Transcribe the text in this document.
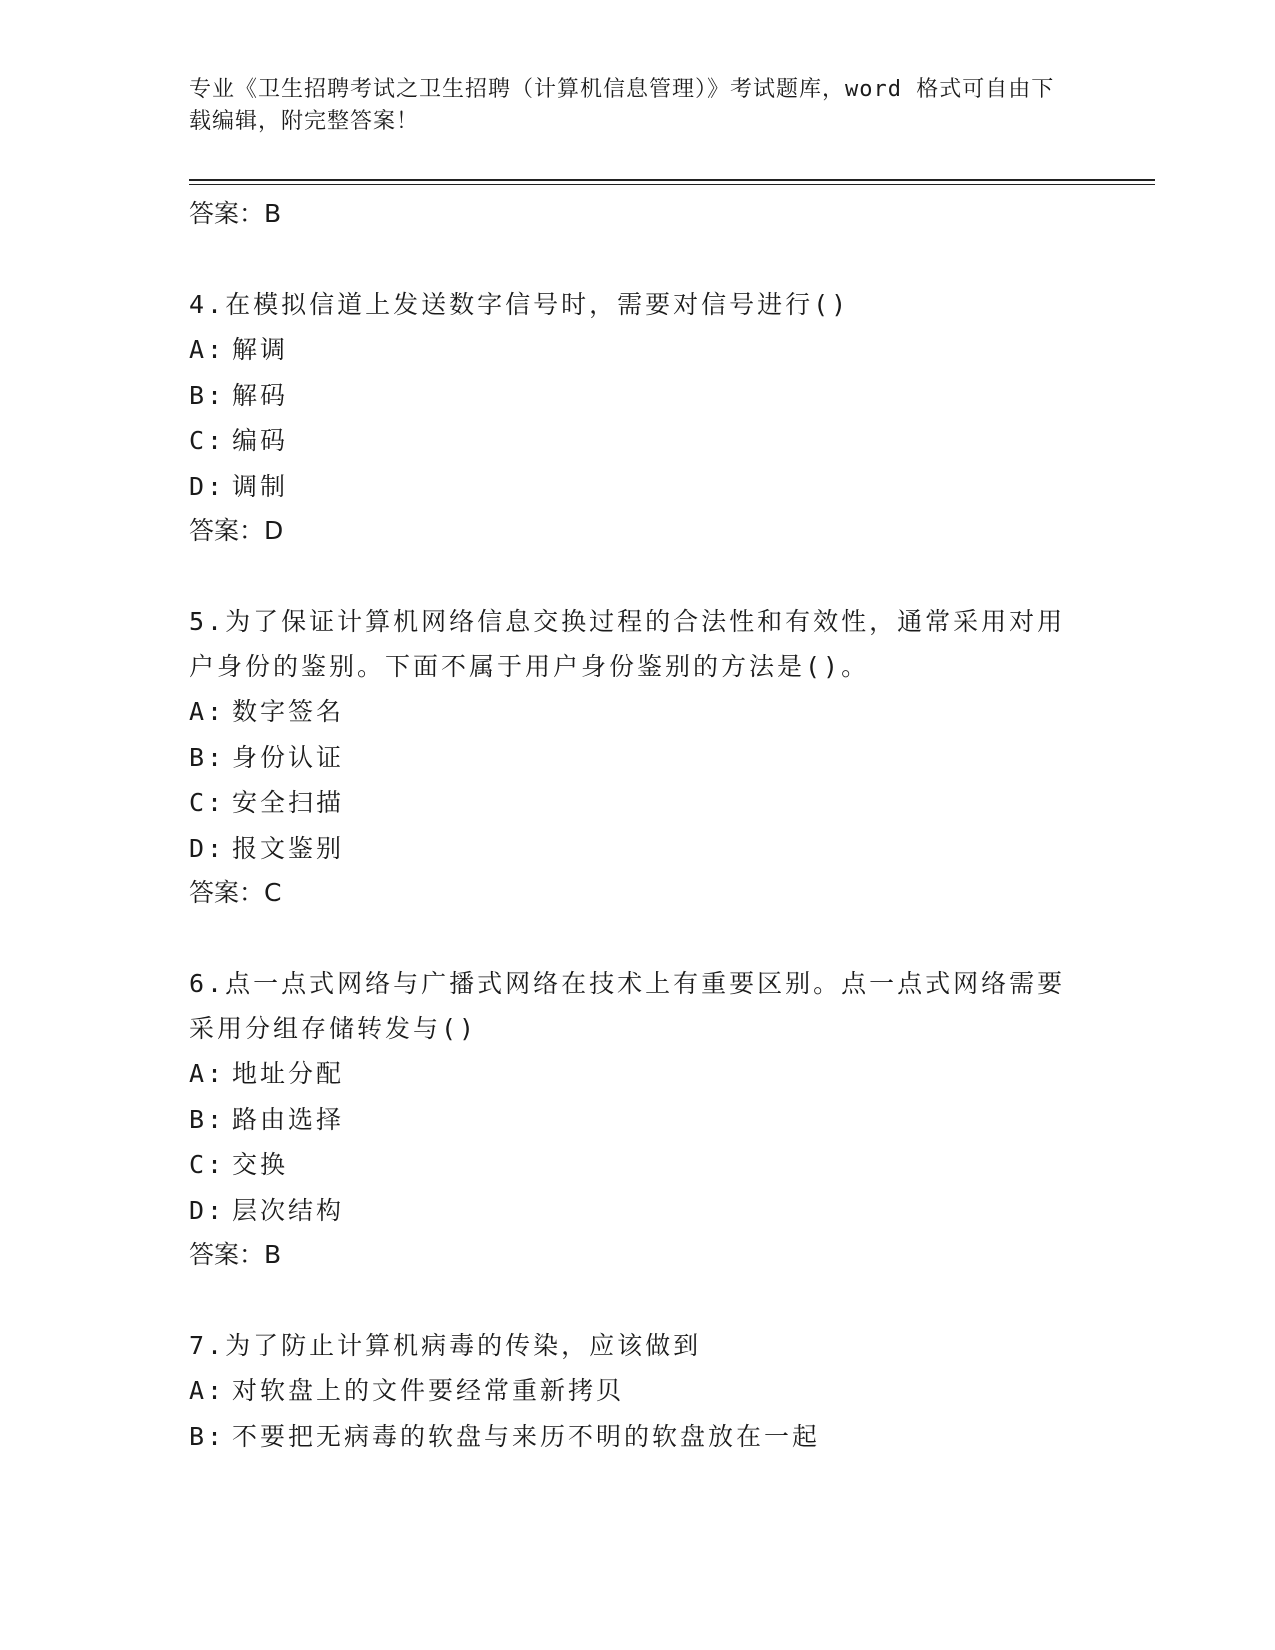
专业《卫生招聘考试之卫生招聘（计算机信息管理）》考试题库，word 格式可自由下载编辑，附完整答案！
答案：B
4.在模拟信道上发送数字信号时，需要对信号进行()
A: 解调
B: 解码
C: 编码
D: 调制
答案：D
5.为了保证计算机网络信息交换过程的合法性和有效性，通常采用对用户身份的鉴别。下面不属于用户身份鉴别的方法是()。
A: 数字签名
B: 身份认证
C: 安全扫描
D: 报文鉴别
答案：C
6.点一点式网络与广播式网络在技术上有重要区别。点一点式网络需要采用分组存储转发与()
A: 地址分配
B: 路由选择
C: 交换
D: 层次结构
答案：B
7.为了防止计算机病毒的传染，应该做到
A: 对软盘上的文件要经常重新拷贝
B: 不要把无病毒的软盘与来历不明的软盘放在一起
